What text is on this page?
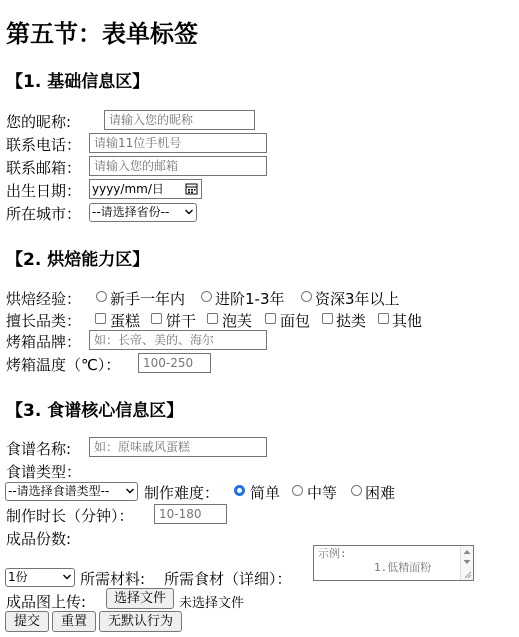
第五节：表单标签
【1. 基础信息区】
您的昵称:	请输入您的昵称
联系电话：	请输11位手机号
联系邮箱：	请输入您的邮箱
出生日期： yyyy/mm/日
所在城市： --请选择省份--
【2. 烘焙能力区】
烘焙经验： 新手一年内 进阶1-3年 资深3年以上
擅长品类： 蛋糕 饼干 泡芙 面包 挞类 其他
烤箱品牌：	如：长帝、美的、海尔
烤箱温度（℃）：	100-250
【3. 食谱核心信息区】
食谱名称:	如：原味戚风蛋糕
食谱类型：
--请选择食谱类型--	制作难度： 简单 中等 困难
制作时长（分钟）：	10-180
成品份数:
1份	所需材料: 所需食材（详细）：
示例:
1.低精面粉
成品图上传:	选择文件	未选择文件
提交	重置	无默认行为
